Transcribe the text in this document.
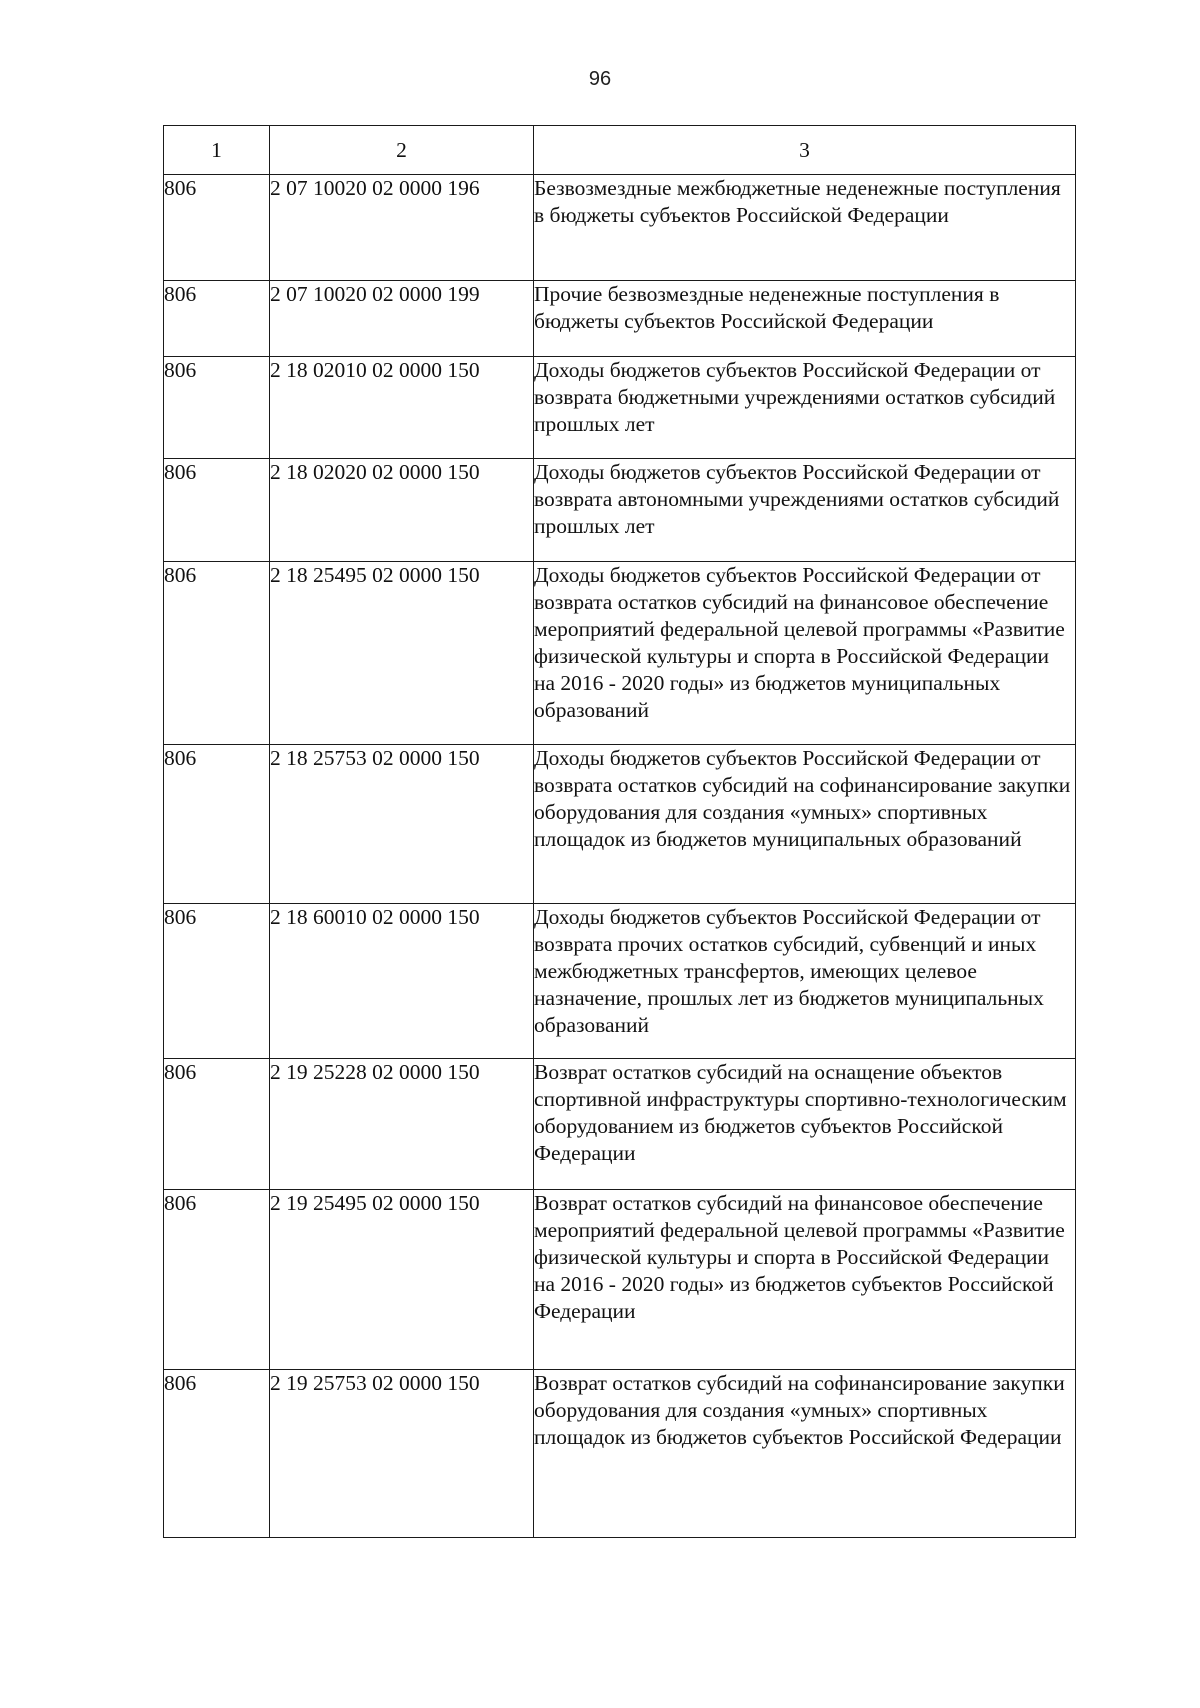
96
1	2	3
806	2 07 10020 02 0000 196	Безвозмездные межбюджетные неденежные поступления в бюджеты субъектов Российской Федерации
806	2 07 10020 02 0000 199	Прочие безвозмездные неденежные поступления в бюджеты субъектов Российской Федерации
806	2 18 02010 02 0000 150	Доходы бюджетов субъектов Российской Федерации от возврата бюджетными учреждениями остатков субсидий прошлых лет
806	2 18 02020 02 0000 150	Доходы бюджетов субъектов Российской Федерации от возврата автономными учреждениями остатков субсидий прошлых лет
806	2 18 25495 02 0000 150	Доходы бюджетов субъектов Российской Федерации от возврата остатков субсидий на финансовое обеспечение мероприятий федеральной целевой программы «Развитие физической культуры и спорта в Российской Федерации на 2016 - 2020 годы» из бюджетов муниципальных образований
806	2 18 25753 02 0000 150	Доходы бюджетов субъектов Российской Федерации от возврата остатков субсидий на софинансирование закупки оборудования для создания «умных» спортивных площадок из бюджетов муниципальных образований
806	2 18 60010 02 0000 150	Доходы бюджетов субъектов Российской Федерации от возврата прочих остатков субсидий, субвенций и иных межбюджетных трансфертов, имеющих целевое назначение, прошлых лет из бюджетов муниципальных образований
806	2 19 25228 02 0000 150	Возврат остатков субсидий на оснащение объектов спортивной инфраструктуры спортивно-технологическим оборудованием из бюджетов субъектов Российской Федерации
806	2 19 25495 02 0000 150	Возврат остатков субсидий на финансовое обеспечение мероприятий федеральной целевой программы «Развитие физической культуры и спорта в Российской Федерации на 2016 - 2020 годы» из бюджетов субъектов Российской Федерации
806	2 19 25753 02 0000 150	Возврат остатков субсидий на софинансирование закупки оборудования для создания «умных» спортивных площадок из бюджетов субъектов Российской Федерации
